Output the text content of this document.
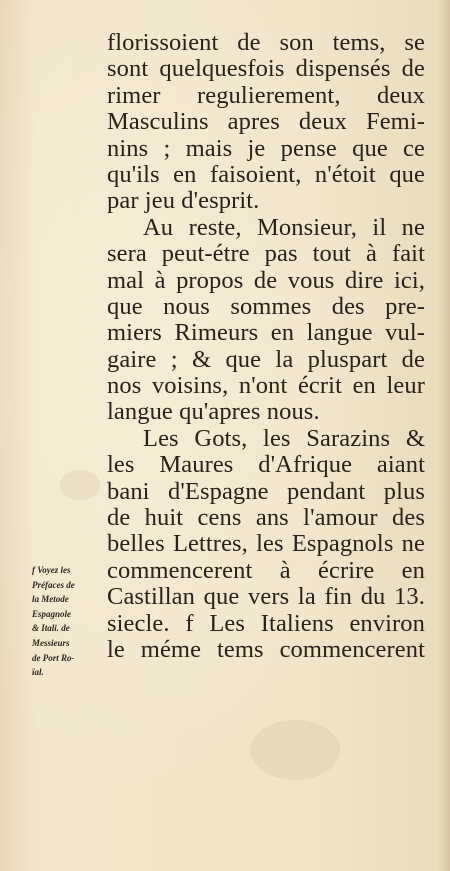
florissoient de son tems, se
sont quelquesfois dispensés de
rimer regulierement, deux
Masculins apres deux Femi-
nins ; mais je pense que ce
qu'ils en faisoient, n'étoit que
par jeu d'esprit.
Au reste, Monsieur, il ne
sera peut-étre pas tout à fait
mal à propos de vous dire ici,
que nous sommes des pre-
miers Rimeurs en langue vul-
gaire ; & que la pluspart de
nos voisins, n'ont écrit en leur
langue qu'apres nous.
Les Gots, les Sarazins &
les Maures d'Afrique aiant
bani d'Espagne pendant plus
de huit cens ans l'amour des
belles Lettres, les Espagnols ne
commencerent à écrire en
Castillan que vers la fin du 13.
siecle. f Les Italiens environ
le méme tems commencerent
f Voyez les
Préfaces de
la Metode
Espagnole
& Itali. de
Messieurs
de Port Ro-
ïal.
